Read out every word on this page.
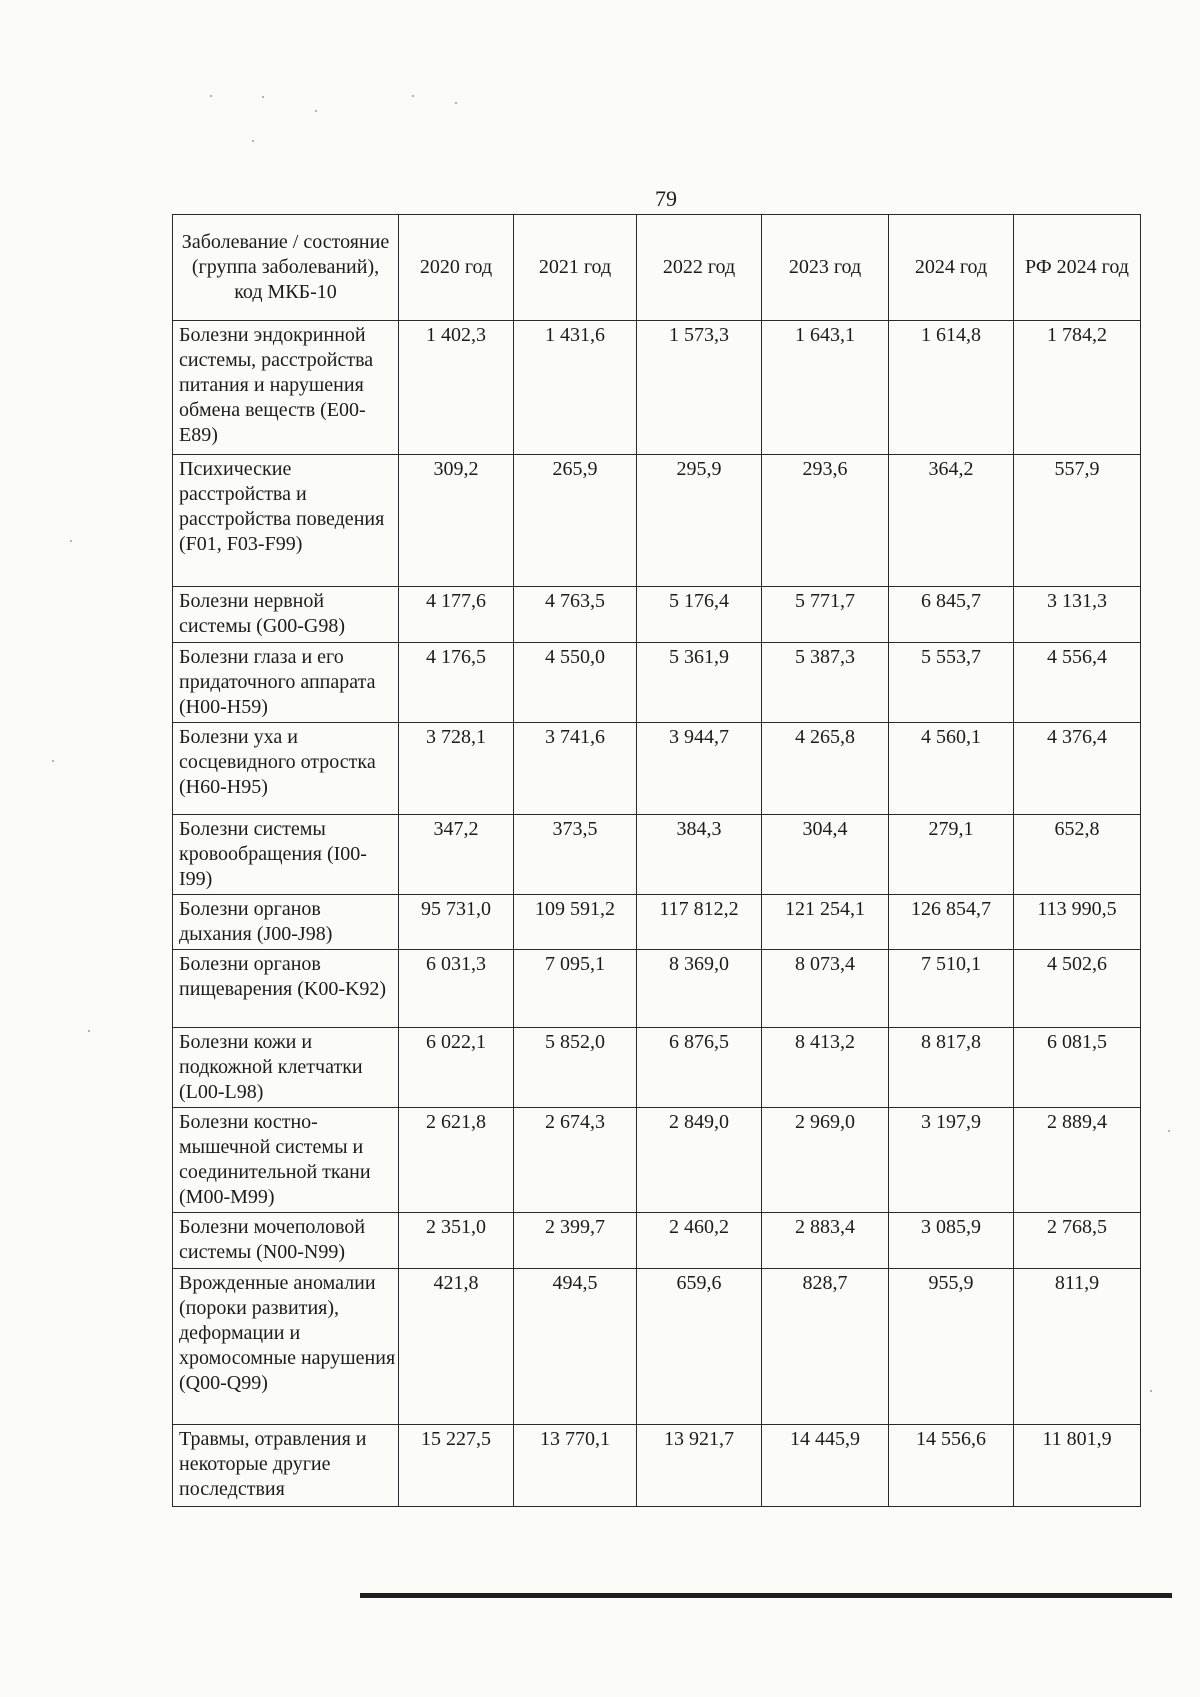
79
Заболевание / состояние (группа заболеваний), код МКБ-10	2020 год	2021 год	2022 год	2023 год	2024 год	РФ 2024 год
Болезни эндокринной системы, расстройства питания и нарушения обмена веществ (E00-E89)	1 402,3	1 431,6	1 573,3	1 643,1	1 614,8	1 784,2
Психические расстройства и расстройства поведения (F01, F03-F99)	309,2	265,9	295,9	293,6	364,2	557,9
Болезни нервной системы (G00-G98)	4 177,6	4 763,5	5 176,4	5 771,7	6 845,7	3 131,3
Болезни глаза и его придаточного аппарата (H00-H59)	4 176,5	4 550,0	5 361,9	5 387,3	5 553,7	4 556,4
Болезни уха и сосцевидного отростка (H60-H95)	3 728,1	3 741,6	3 944,7	4 265,8	4 560,1	4 376,4
Болезни системы кровообращения (I00-I99)	347,2	373,5	384,3	304,4	279,1	652,8
Болезни органов дыхания (J00-J98)	95 731,0	109 591,2	117 812,2	121 254,1	126 854,7	113 990,5
Болезни органов пищеварения (K00-K92)	6 031,3	7 095,1	8 369,0	8 073,4	7 510,1	4 502,6
Болезни кожи и подкожной клетчатки (L00-L98)	6 022,1	5 852,0	6 876,5	8 413,2	8 817,8	6 081,5
Болезни костно-мышечной системы и соединительной ткани (M00-M99)	2 621,8	2 674,3	2 849,0	2 969,0	3 197,9	2 889,4
Болезни мочеполовой системы (N00-N99)	2 351,0	2 399,7	2 460,2	2 883,4	3 085,9	2 768,5
Врожденные аномалии (пороки развития), деформации и хромосомные нарушения (Q00-Q99)	421,8	494,5	659,6	828,7	955,9	811,9
Травмы, отравления и некоторые другие последствия	15 227,5	13 770,1	13 921,7	14 445,9	14 556,6	11 801,9
